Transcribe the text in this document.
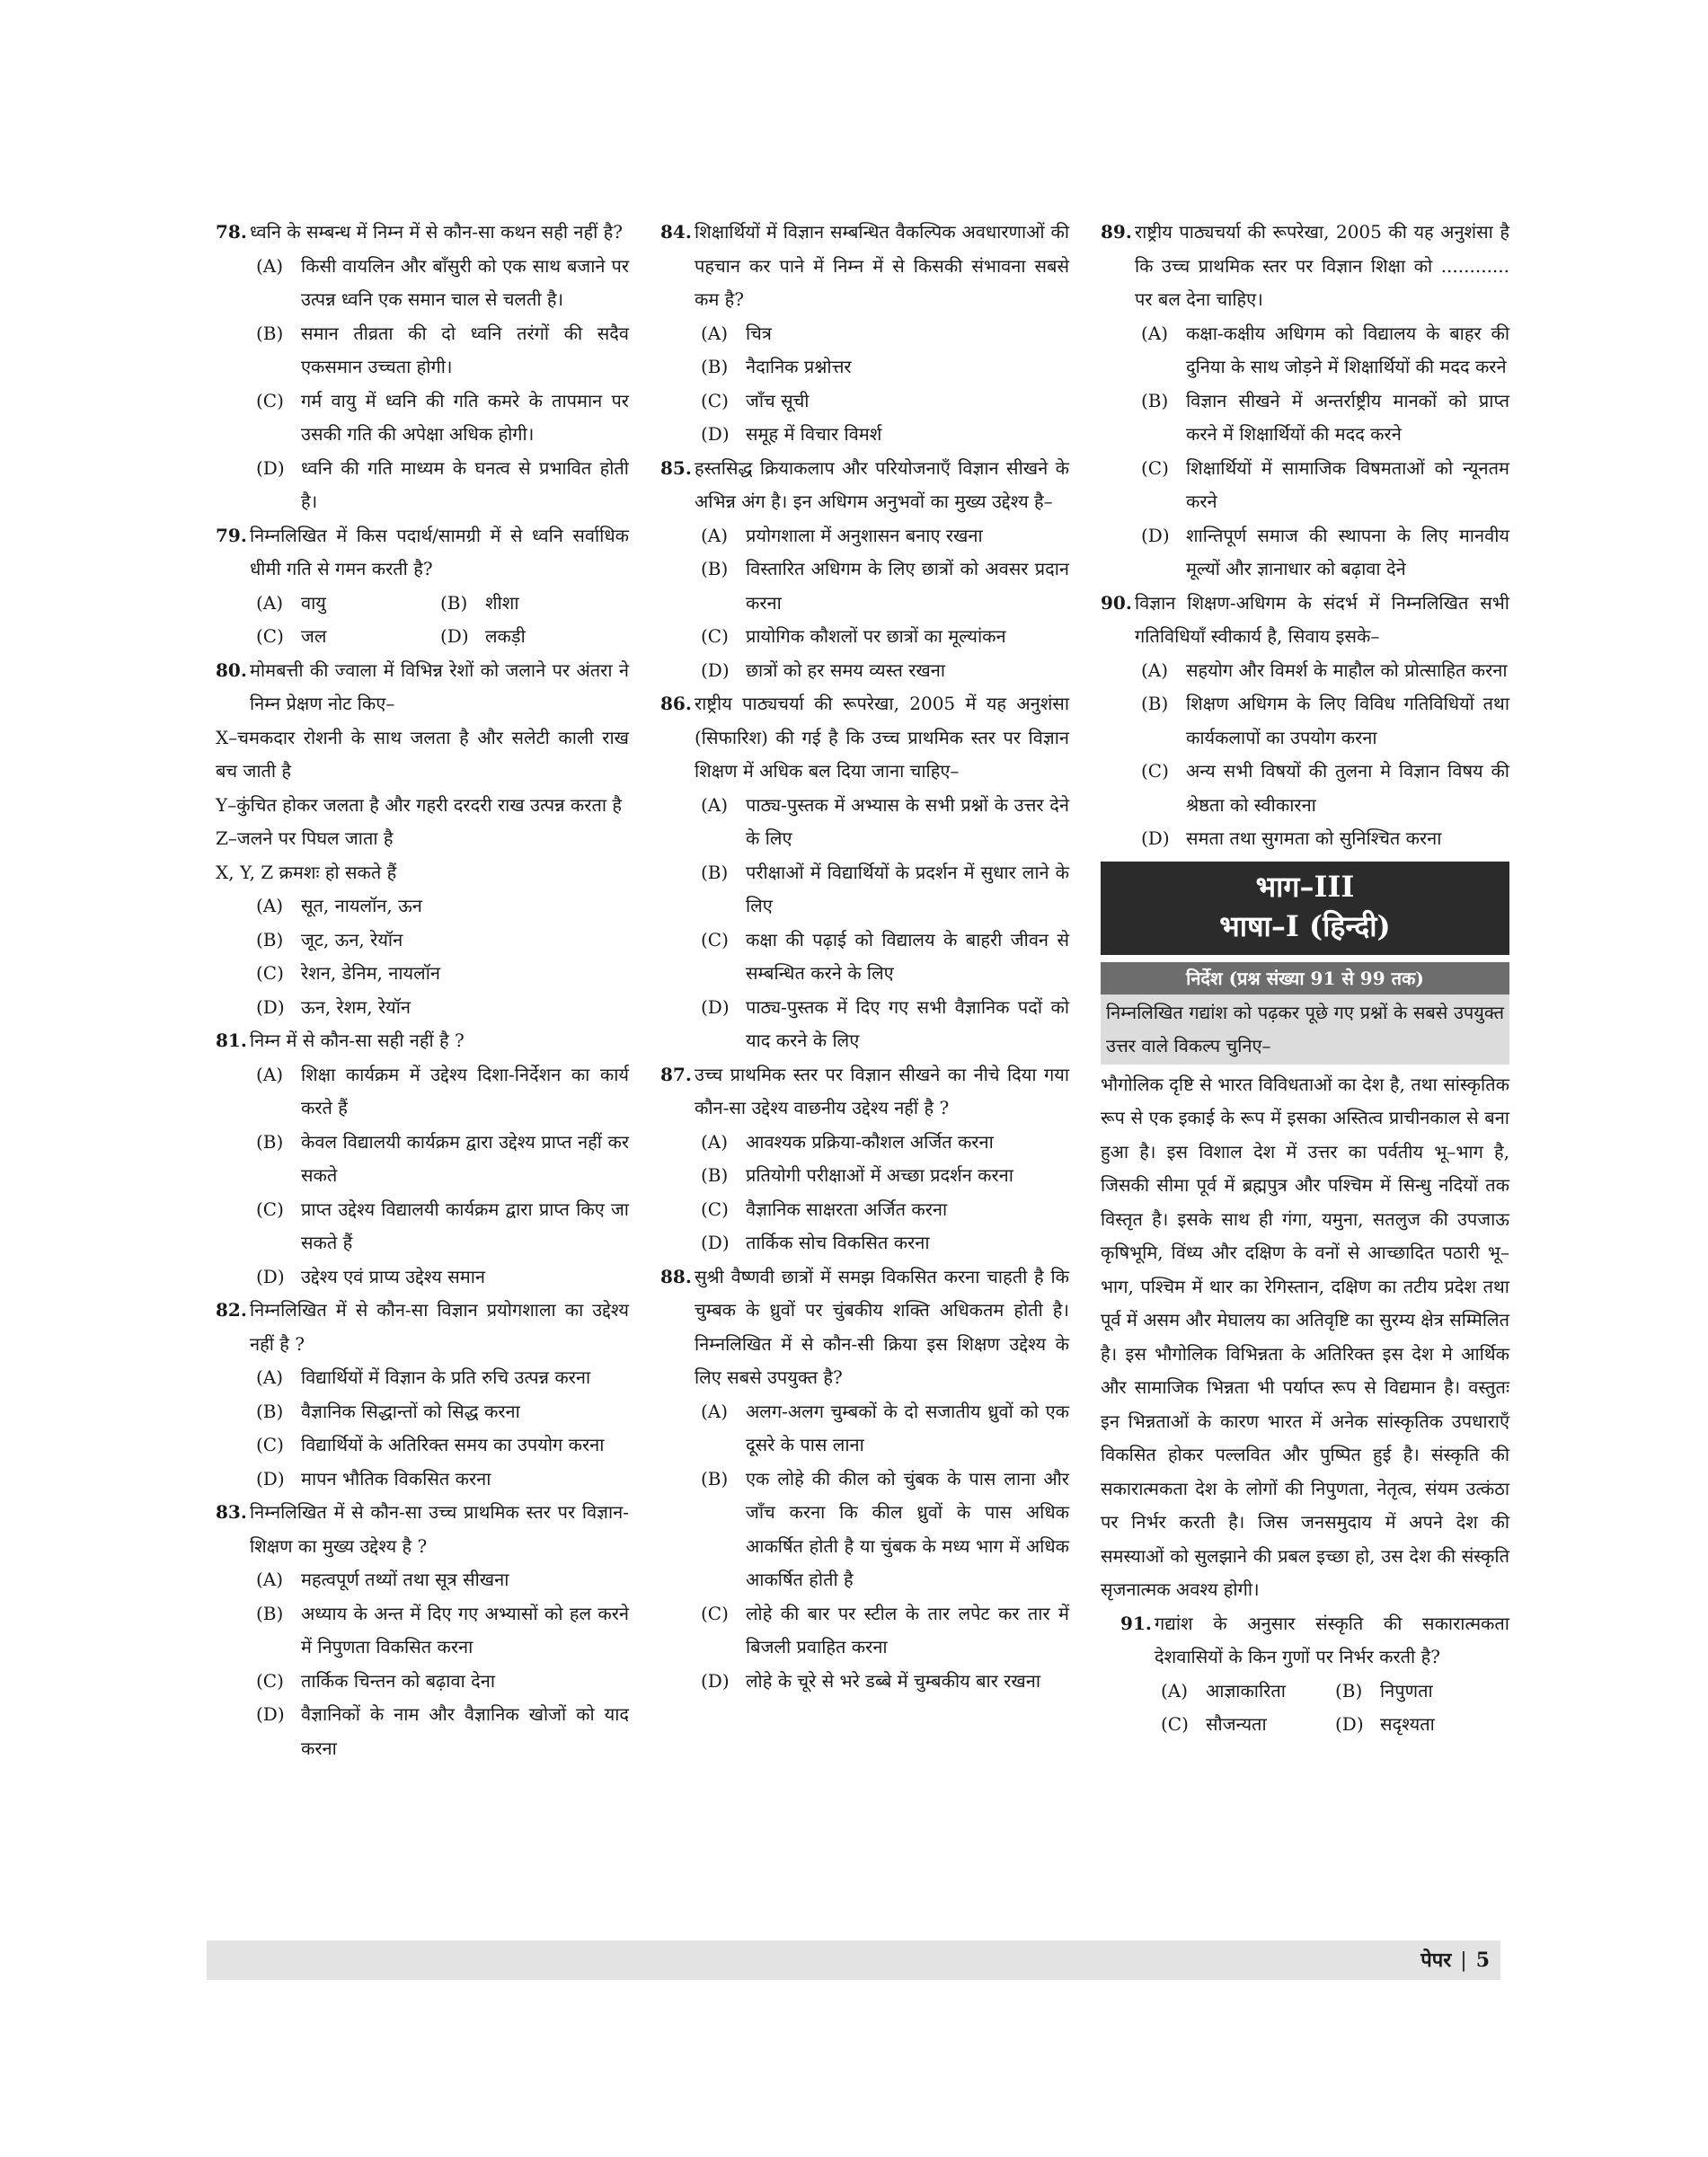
78. ध्वनि के सम्बन्ध में निम्न में से कौन-सा कथन सही नहीं है?
(A) किसी वायलिन और बाँसुरी को एक साथ बजाने पर उत्पन्न ध्वनि एक समान चाल से चलती है।
(B) समान तीव्रता की दो ध्वनि तरंगों की सदैव एकसमान उच्चता होगी।
(C) गर्म वायु में ध्वनि की गति कमरे के तापमान पर उसकी गति की अपेक्षा अधिक होगी।
(D) ध्वनि की गति माध्यम के घनत्व से प्रभावित होती है।
79. निम्नलिखित में किस पदार्थ/सामग्री में से ध्वनि सर्वाधिक धीमी गति से गमन करती है?
(A) वायु	(B) शीशा
(C) जल	(D) लकड़ी
80. मोमबत्ती की ज्वाला में विभिन्न रेशों को जलाने पर अंतरा ने निम्न प्रेक्षण नोट किए–
X–चमकदार रोशनी के साथ जलता है और सलेटी काली राख बच जाती है
Y–कुंचित होकर जलता है और गहरी दरदरी राख उत्पन्न करता है
Z–जलने पर पिघल जाता है
X, Y, Z क्रमशः हो सकते हैं
(A) सूत, नायलॉन, ऊन
(B) जूट, ऊन, रेयॉन
(C) रेशन, डेनिम, नायलॉन
(D) ऊन, रेशम, रेयॉन
81. निम्न में से कौन-सा सही नहीं है ?
(A) शिक्षा कार्यक्रम में उद्देश्य दिशा-निर्देशन का कार्य करते हैं
(B) केवल विद्यालयी कार्यक्रम द्वारा उद्देश्य प्राप्त नहीं कर सकते
(C) प्राप्त उद्देश्य विद्यालयी कार्यक्रम द्वारा प्राप्त किए जा सकते हैं
(D) उद्देश्य एवं प्राप्य उद्देश्य समान
82. निम्नलिखित में से कौन-सा विज्ञान प्रयोगशाला का उद्देश्य नहीं है ?
(A) विद्यार्थियों में विज्ञान के प्रति रुचि उत्पन्न करना
(B) वैज्ञानिक सिद्धान्तों को सिद्ध करना
(C) विद्यार्थियों के अतिरिक्त समय का उपयोग करना
(D) मापन भौतिक विकसित करना
83. निम्नलिखित में से कौन-सा उच्च प्राथमिक स्तर पर विज्ञान-शिक्षण का मुख्य उद्देश्य है ?
(A) महत्वपूर्ण तथ्यों तथा सूत्र सीखना
(B) अध्याय के अन्त में दिए गए अभ्यासों को हल करने में निपुणता विकसित करना
(C) तार्किक चिन्तन को बढ़ावा देना
(D) वैज्ञानिकों के नाम और वैज्ञानिक खोजों को याद करना
84. शिक्षार्थियों में विज्ञान सम्बन्धित वैकल्पिक अवधारणाओं की पहचान कर पाने में निम्न में से किसकी संभावना सबसे कम है?
(A) चित्र
(B) नैदानिक प्रश्नोत्तर
(C) जाँच सूची
(D) समूह में विचार विमर्श
85. हस्तसिद्ध क्रियाकलाप और परियोजनाएँ विज्ञान सीखने के अभिन्न अंग है। इन अधिगम अनुभवों का मुख्य उद्देश्य है–
(A) प्रयोगशाला में अनुशासन बनाए रखना
(B) विस्तारित अधिगम के लिए छात्रों को अवसर प्रदान करना
(C) प्रायोगिक कौशलों पर छात्रों का मूल्यांकन
(D) छात्रों को हर समय व्यस्त रखना
86. राष्ट्रीय पाठ्यचर्या की रूपरेखा, 2005 में यह अनुशंसा (सिफारिश) की गई है कि उच्च प्राथमिक स्तर पर विज्ञान शिक्षण में अधिक बल दिया जाना चाहिए–
(A) पाठ्य-पुस्तक में अभ्यास के सभी प्रश्नों के उत्तर देने के लिए
(B) परीक्षाओं में विद्यार्थियों के प्रदर्शन में सुधार लाने के लिए
(C) कक्षा की पढ़ाई को विद्यालय के बाहरी जीवन से सम्बन्धित करने के लिए
(D) पाठ्य-पुस्तक में दिए गए सभी वैज्ञानिक पदों को याद करने के लिए
87. उच्च प्राथमिक स्तर पर विज्ञान सीखने का नीचे दिया गया कौन-सा उद्देश्य वाछनीय उद्देश्य नहीं है ?
(A) आवश्यक प्रक्रिया-कौशल अर्जित करना
(B) प्रतियोगी परीक्षाओं में अच्छा प्रदर्शन करना
(C) वैज्ञानिक साक्षरता अर्जित करना
(D) तार्किक सोच विकसित करना
88. सुश्री वैष्णवी छात्रों में समझ विकसित करना चाहती है कि चुम्बक के ध्रुवों पर चुंबकीय शक्ति अधिकतम होती है। निम्नलिखित में से कौन-सी क्रिया इस शिक्षण उद्देश्य के लिए सबसे उपयुक्त है?
(A) अलग-अलग चुम्बकों के दो सजातीय ध्रुवों को एक दूसरे के पास लाना
(B) एक लोहे की कील को चुंबक के पास लाना और जाँच करना कि कील ध्रुवों के पास अधिक आकर्षित होती है या चुंबक के मध्य भाग में अधिक आकर्षित होती है
(C) लोहे की बार पर स्टील के तार लपेट कर तार में बिजली प्रवाहित करना
(D) लोहे के चूरे से भरे डब्बे में चुम्बकीय बार रखना
89. राष्ट्रीय पाठ्यचर्या की रूपरेखा, 2005 की यह अनुशंसा है कि उच्च प्राथमिक स्तर पर विज्ञान शिक्षा को ............ पर बल देना चाहिए।
(A) कक्षा-कक्षीय अधिगम को विद्यालय के बाहर की दुनिया के साथ जोड़ने में शिक्षार्थियों की मदद करने
(B) विज्ञान सीखने में अन्तर्राष्ट्रीय मानकों को प्राप्त करने में शिक्षार्थियों की मदद करने
(C) शिक्षार्थियों में सामाजिक विषमताओं को न्यूनतम करने
(D) शान्तिपूर्ण समाज की स्थापना के लिए मानवीय मूल्यों और ज्ञानाधार को बढ़ावा देने
90. विज्ञान शिक्षण-अधिगम के संदर्भ में निम्नलिखित सभी गतिविधियाँ स्वीकार्य है, सिवाय इसके–
(A) सहयोग और विमर्श के माहौल को प्रोत्साहित करना
(B) शिक्षण अधिगम के लिए विविध गतिविधियों तथा कार्यकलापों का उपयोग करना
(C) अन्य सभी विषयों की तुलना मे विज्ञान विषय की श्रेष्ठता को स्वीकारना
(D) समता तथा सुगमता को सुनिश्चित करना
भाग–III
भाषा–I (हिन्दी)
निर्देश (प्रश्न संख्या 91 से 99 तक)
निम्नलिखित गद्यांश को पढ़कर पूछे गए प्रश्नों के सबसे उपयुक्त उत्तर वाले विकल्प चुनिए–
भौगोलिक दृष्टि से भारत विविधताओं का देश है, तथा सांस्कृतिक रूप से एक इकाई के रूप में इसका अस्तित्व प्राचीनकाल से बना हुआ है। इस विशाल देश में उत्तर का पर्वतीय भू–भाग है, जिसकी सीमा पूर्व में ब्रह्मपुत्र और पश्चिम में सिन्धु नदियों तक विस्तृत है। इसके साथ ही गंगा, यमुना, सतलुज की उपजाऊ कृषिभूमि, विंध्य और दक्षिण के वनों से आच्छादित पठारी भू–भाग, पश्चिम में थार का रेगिस्तान, दक्षिण का तटीय प्रदेश तथा पूर्व में असम और मेघालय का अतिवृष्टि का सुरम्य क्षेत्र सम्मिलित है। इस भौगोलिक विभिन्नता के अतिरिक्त इस देश मे आर्थिक और सामाजिक भिन्नता भी पर्याप्त रूप से विद्यमान है। वस्तुतः इन भिन्नताओं के कारण भारत में अनेक सांस्कृतिक उपधाराएँ विकसित होकर पल्लवित और पुष्पित हुई है। संस्कृति की सकारात्मकता देश के लोगों की निपुणता, नेतृत्व, संयम उत्कंठा पर निर्भर करती है। जिस जनसमुदाय में अपने देश की समस्याओं को सुलझाने की प्रबल इच्छा हो, उस देश की संस्कृति सृजनात्मक अवश्य होगी।
91. गद्यांश के अनुसार संस्कृति की सकारात्मकता देशवासियों के किन गुणों पर निर्भर करती है?
(A) आज्ञाकारिता	(B) निपुणता
(C) सौजन्यता	(D) सदृश्यता
पेपर | 5
